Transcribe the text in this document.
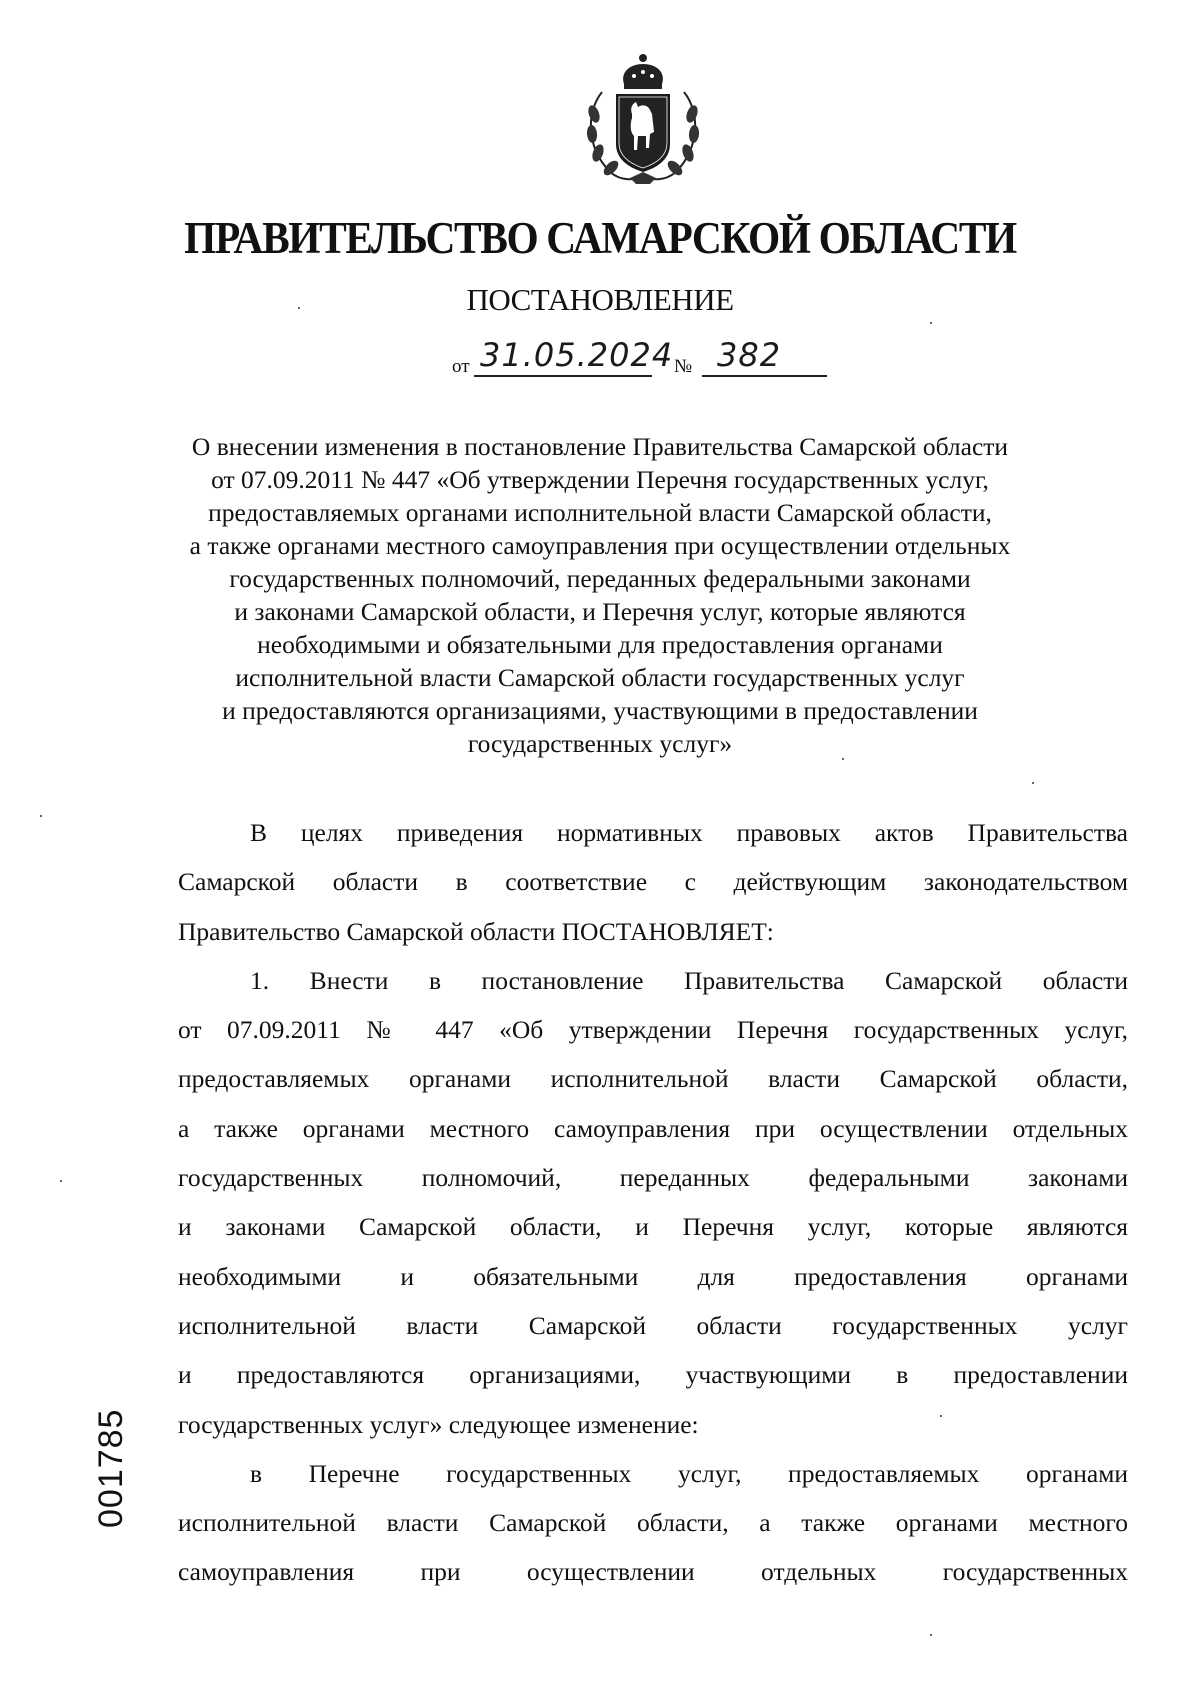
ПРАВИТЕЛЬСТВО САМАРСКОЙ ОБЛАСТИ
ПОСТАНОВЛЕНИЕ
от 31.05.2024 № 382
О внесении изменения в постановление Правительства Самарской области
от 07.09.2011 № 447 «Об утверждении Перечня государственных услуг,
предоставляемых органами исполнительной власти Самарской области,
а также органами местного самоуправления при осуществлении отдельных
государственных полномочий, переданных федеральными законами
и законами Самарской области, и Перечня услуг, которые являются
необходимыми и обязательными для предоставления органами
исполнительной власти Самарской области государственных услуг
и предоставляются организациями, участвующими в предоставлении
государственных услуг»
В целях приведения нормативных правовых актов Правительства
Самарской области в соответствие с действующим законодательством
Правительство Самарской области ПОСТАНОВЛЯЕТ:
1. Внести в постановление Правительства Самарской области
от 07.09.2011 № 447 «Об утверждении Перечня государственных услуг,
предоставляемых органами исполнительной власти Самарской области,
а также органами местного самоуправления при осуществлении отдельных
государственных полномочий, переданных федеральными законами
и законами Самарской области, и Перечня услуг, которые являются
необходимыми и обязательными для предоставления органами
исполнительной власти Самарской области государственных услуг
и предоставляются организациями, участвующими в предоставлении
государственных услуг» следующее изменение:
в Перечне государственных услуг, предоставляемых органами
исполнительной власти Самарской области, а также органами местного
самоуправления при осуществлении отдельных государственных
001785
